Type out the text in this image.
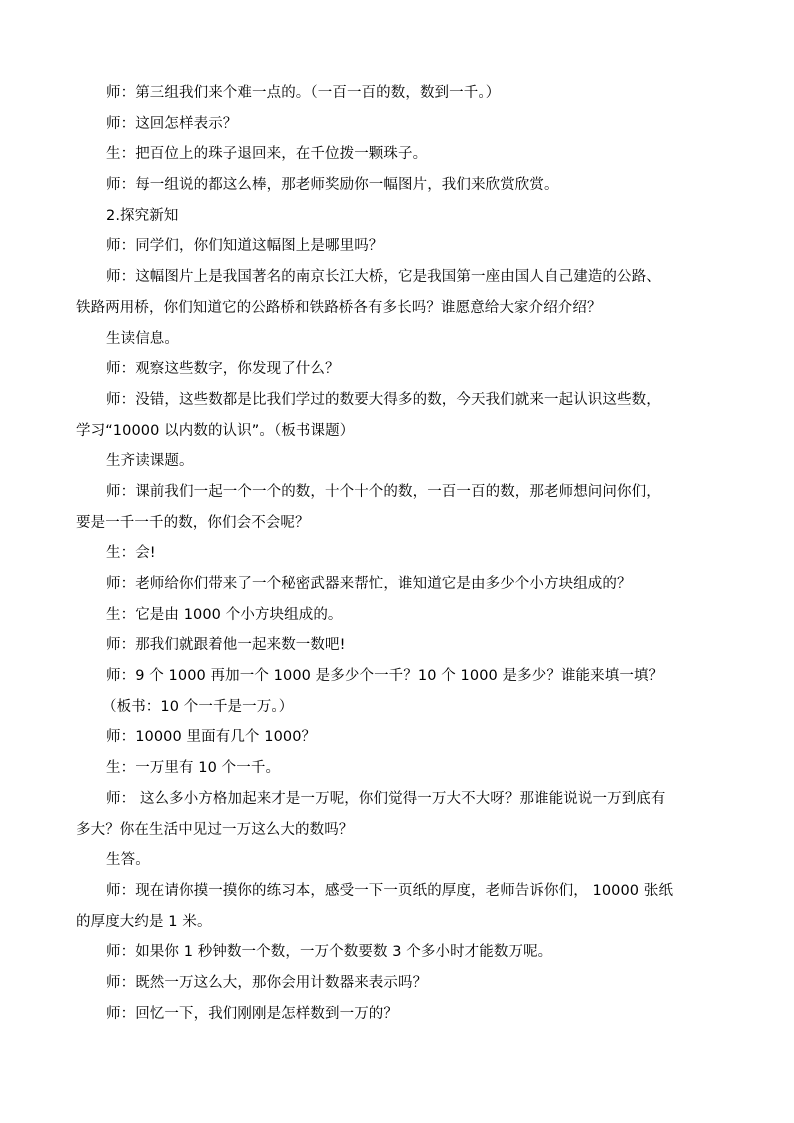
师：第三组我们来个难一点的。（一百一百的数，数到一千。）
师：这回怎样表示？
生：把百位上的珠子退回来，在千位拨一颗珠子。
师：每一组说的都这么棒，那老师奖励你一幅图片，我们来欣赏欣赏。
2.探究新知
师：同学们，你们知道这幅图上是哪里吗？
师：这幅图片上是我国著名的南京长江大桥，它是我国第一座由国人自己建造的公路、
铁路两用桥，你们知道它的公路桥和铁路桥各有多长吗？谁愿意给大家介绍介绍？
生读信息。
师：观察这些数字，你发现了什么？
师：没错，这些数都是比我们学过的数要大得多的数，今天我们就来一起认识这些数，
学习“10000 以内数的认识”。（板书课题）
生齐读课题。
师：课前我们一起一个一个的数，十个十个的数，一百一百的数，那老师想问问你们，
要是一千一千的数，你们会不会呢？
生：会!
师：老师给你们带来了一个秘密武器来帮忙，谁知道它是由多少个小方块组成的？
生：它是由 1000 个小方块组成的。
师：那我们就跟着他一起来数一数吧!
师：9 个 1000 再加一个 1000 是多少个一千？10 个 1000 是多少？谁能来填一填？
（板书：10 个一千是一万。）
师：10000 里面有几个 1000？
生：一万里有 10 个一千。
师： 这么多小方格加起来才是一万呢，你们觉得一万大不大呀？那谁能说说一万到底有
多大？你在生活中见过一万这么大的数吗？
生答。
师：现在请你摸一摸你的练习本，感受一下一页纸的厚度，老师告诉你们， 10000 张纸
的厚度大约是 1 米。
师：如果你 1 秒钟数一个数，一万个数要数 3 个多小时才能数万呢。
师：既然一万这么大，那你会用计数器来表示吗？
师：回忆一下，我们刚刚是怎样数到一万的？
